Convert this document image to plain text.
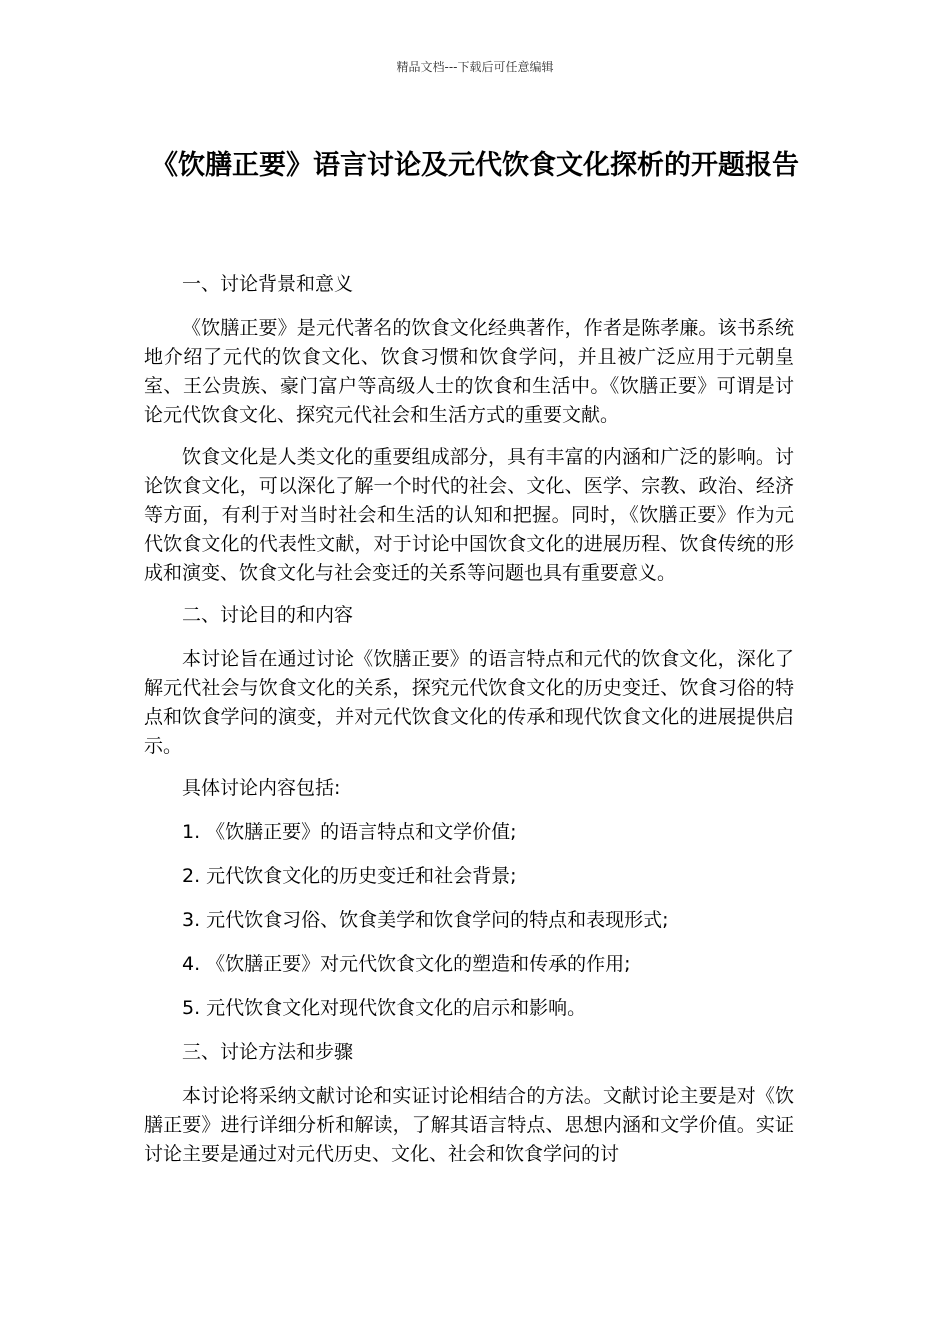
精品文档---下载后可任意编辑
《饮膳正要》语言讨论及元代饮食文化探析的开题报告

一、讨论背景和意义

《饮膳正要》是元代著名的饮食文化经典著作，作者是陈孝廉。该书系统地介绍了元代的饮食文化、饮食习惯和饮食学问，并且被广泛应用于元朝皇室、王公贵族、豪门富户等高级人士的饮食和生活中。《饮膳正要》可谓是讨论元代饮食文化、探究元代社会和生活方式的重要文献。

饮食文化是人类文化的重要组成部分，具有丰富的内涵和广泛的影响。讨论饮食文化，可以深化了解一个时代的社会、文化、医学、宗教、政治、经济等方面，有利于对当时社会和生活的认知和把握。同时，《饮膳正要》作为元代饮食文化的代表性文献，对于讨论中国饮食文化的进展历程、饮食传统的形成和演变、饮食文化与社会变迁的关系等问题也具有重要意义。

二、讨论目的和内容

本讨论旨在通过讨论《饮膳正要》的语言特点和元代的饮食文化，深化了解元代社会与饮食文化的关系，探究元代饮食文化的历史变迁、饮食习俗的特点和饮食学问的演变，并对元代饮食文化的传承和现代饮食文化的进展提供启示。

具体讨论内容包括:

1. 《饮膳正要》的语言特点和文学价值;

2. 元代饮食文化的历史变迁和社会背景;

3. 元代饮食习俗、饮食美学和饮食学问的特点和表现形式;

4. 《饮膳正要》对元代饮食文化的塑造和传承的作用;

5. 元代饮食文化对现代饮食文化的启示和影响。

三、讨论方法和步骤

本讨论将采纳文献讨论和实证讨论相结合的方法。文献讨论主要是对《饮膳正要》进行详细分析和解读，了解其语言特点、思想内涵和文学价值。实证讨论主要是通过对元代历史、文化、社会和饮食学问的讨
